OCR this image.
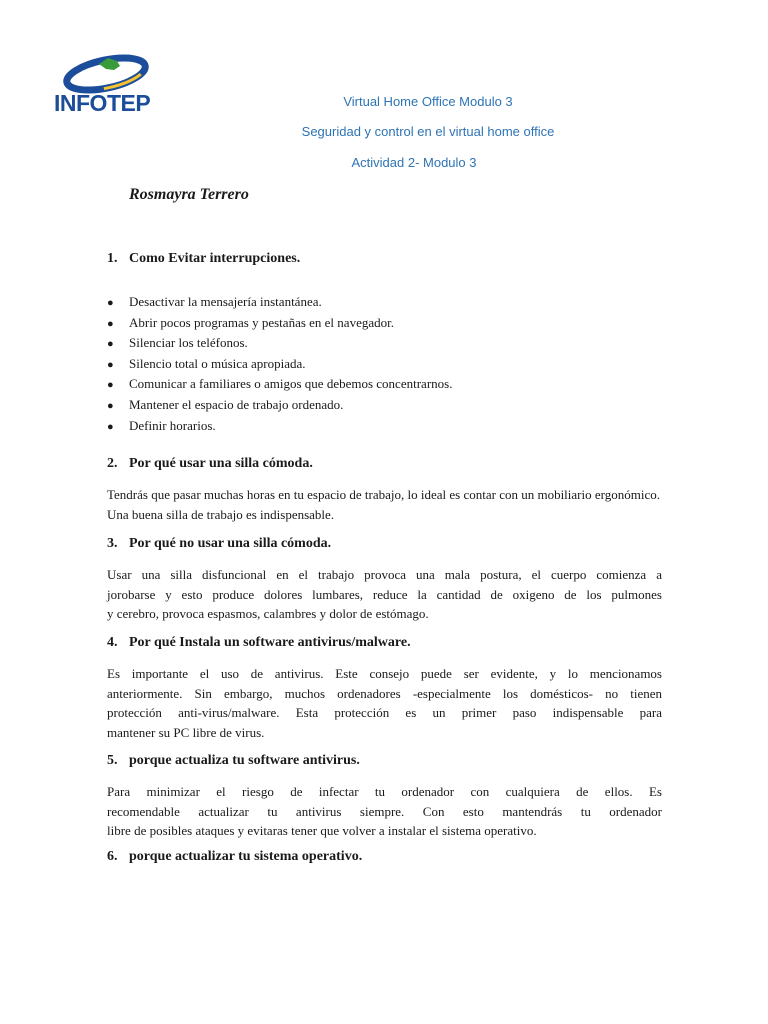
INFOTEP	Virtual Home Office Modulo 3
Seguridad y control en el virtual home office
Actividad 2- Modulo 3
Rosmayra Terrero
1. Como Evitar interrupciones.
● Desactivar la mensajería instantánea.
● Abrir pocos programas y pestañas en el navegador.
● Silenciar los teléfonos.
● Silencio total o música apropiada.
● Comunicar a familiares o amigos que debemos concentrarnos.
● Mantener el espacio de trabajo ordenado.
● Definir horarios.
2. Por qué usar una silla cómoda.
Tendrás que pasar muchas horas en tu espacio de trabajo, lo ideal es contar con un mobiliario ergonómico.
Una buena silla de trabajo es indispensable.
3. Por qué no usar una silla cómoda.
Usar una silla disfuncional en el trabajo provoca una mala postura, el cuerpo comienza a
jorobarse y esto produce dolores lumbares, reduce la cantidad de oxigeno de los pulmones
y cerebro, provoca espasmos, calambres y dolor de estómago.
4. Por qué Instala un software antivirus/malware.
Es importante el uso de antivirus. Este consejo puede ser evidente, y lo mencionamos
anteriormente. Sin embargo, muchos ordenadores -especialmente los domésticos- no tienen
protección anti-virus/malware. Esta protección es un primer paso indispensable para
mantener su PC libre de virus.
5. porque actualiza tu software antivirus.
Para minimizar el riesgo de infectar tu ordenador con cualquiera de ellos. Es
recomendable actualizar tu antivirus siempre. Con esto mantendrás tu ordenador
libre de posibles ataques y evitaras tener que volver a instalar el sistema operativo.
6. porque actualizar tu sistema operativo.
